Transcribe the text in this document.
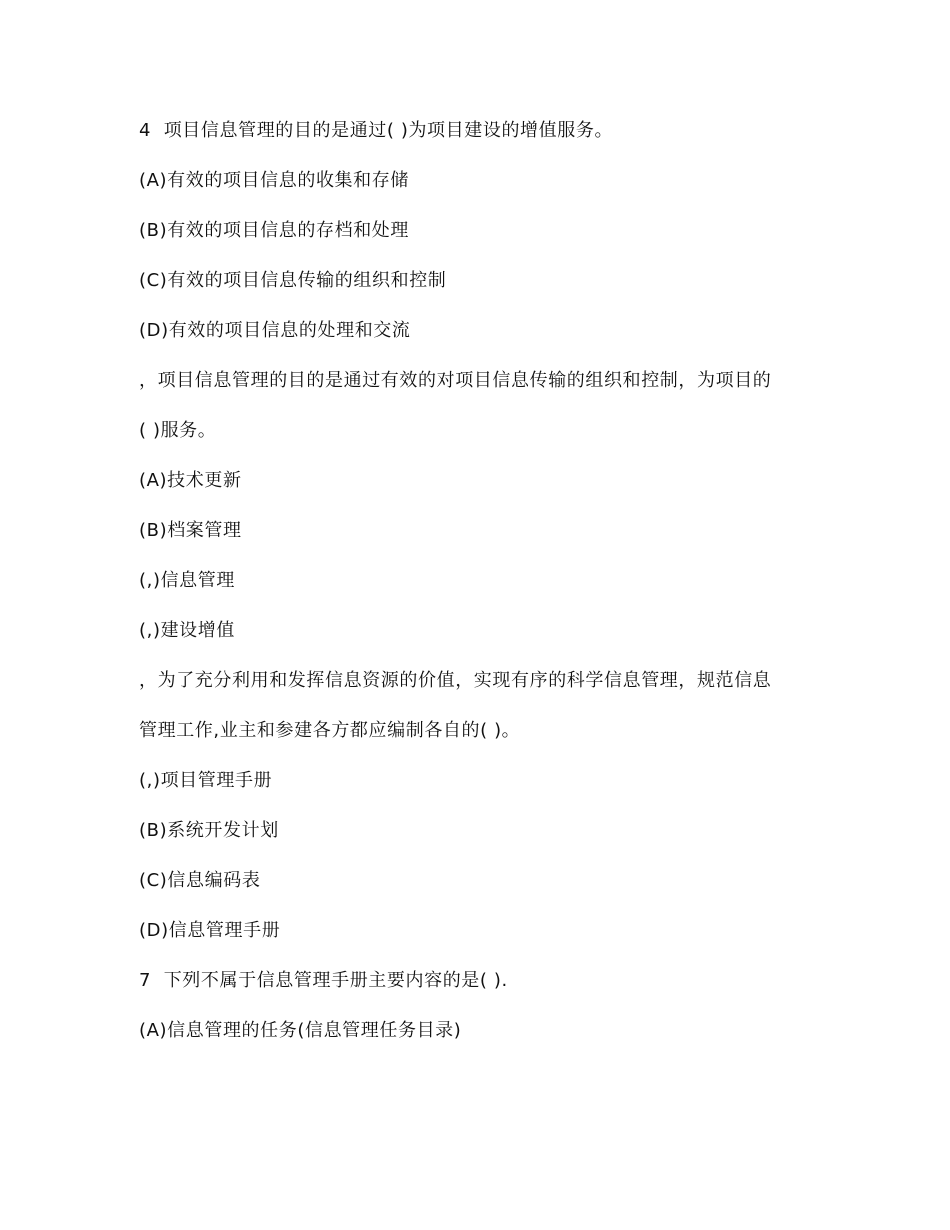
4  项目信息管理的目的是通过( )为项目建设的增值服务。
(A)有效的项目信息的收集和存储
(B)有效的项目信息的存档和处理
(C)有效的项目信息传输的组织和控制
(D)有效的项目信息的处理和交流
，项目信息管理的目的是通过有效的对项目信息传输的组织和控制，为项目的
( )服务。
(A)技术更新
(B)档案管理
(,)信息管理
(,)建设增值
，为了充分利用和发挥信息资源的价值，实现有序的科学信息管理，规范信息
管理工作,业主和参建各方都应编制各自的( )。
(,)项目管理手册
(B)系统开发计划
(C)信息编码表
(D)信息管理手册
7  下列不属于信息管理手册主要内容的是( ).
(A)信息管理的任务(信息管理任务目录)
